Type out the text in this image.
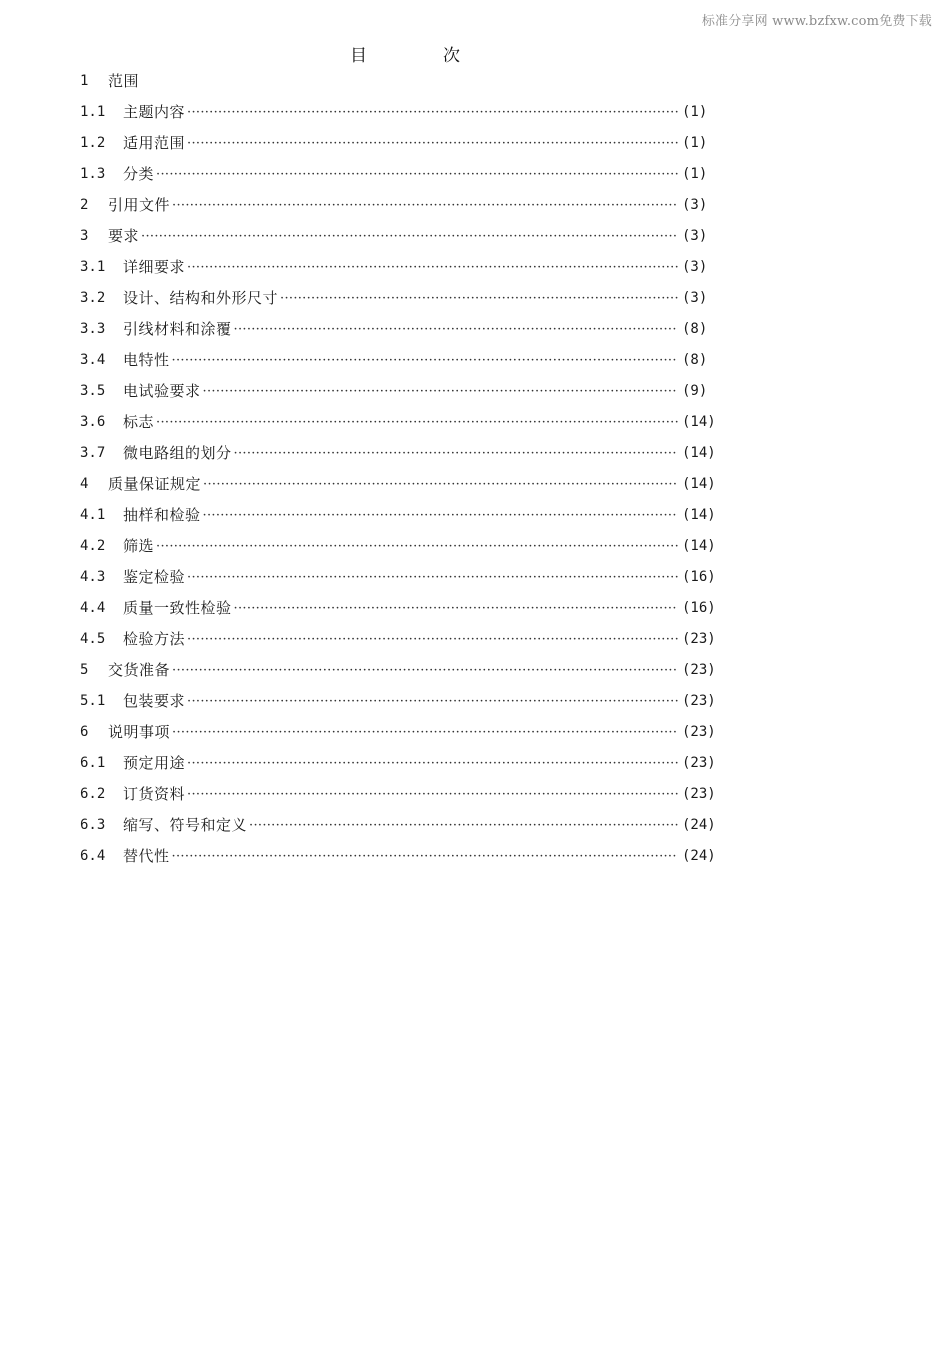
标准分享网 www.bzfxw.com免费下载
目	次
1	范围
1.1	主题内容 ·····	(1)
1.2	适用范围 ·····	(1)
1.3	分类 ·····	(1)
2	引用文件 ·····	(3)
3	要求 ·····	(3)
3.1	详细要求 ·····	(3)
3.2	设计、结构和外形尺寸 ·····	(3)
3.3	引线材料和涂覆 ·····	(8)
3.4	电特性 ·····	(8)
3.5	电试验要求 ·····	(9)
3.6	标志 ·····	(14)
3.7	微电路组的划分 ·····	(14)
4	质量保证规定 ·····	(14)
4.1	抽样和检验 ·····	(14)
4.2	筛选 ·····	(14)
4.3	鉴定检验 ·····	(16)
4.4	质量一致性检验 ·····	(16)
4.5	检验方法 ·····	(23)
5	交货准备 ·····	(23)
5.1	包装要求 ·····	(23)
6	说明事项 ·····	(23)
6.1	预定用途 ·····	(23)
6.2	订货资料 ·····	(23)
6.3	缩写、符号和定义 ·····	(24)
6.4	替代性 ·····	(24)
